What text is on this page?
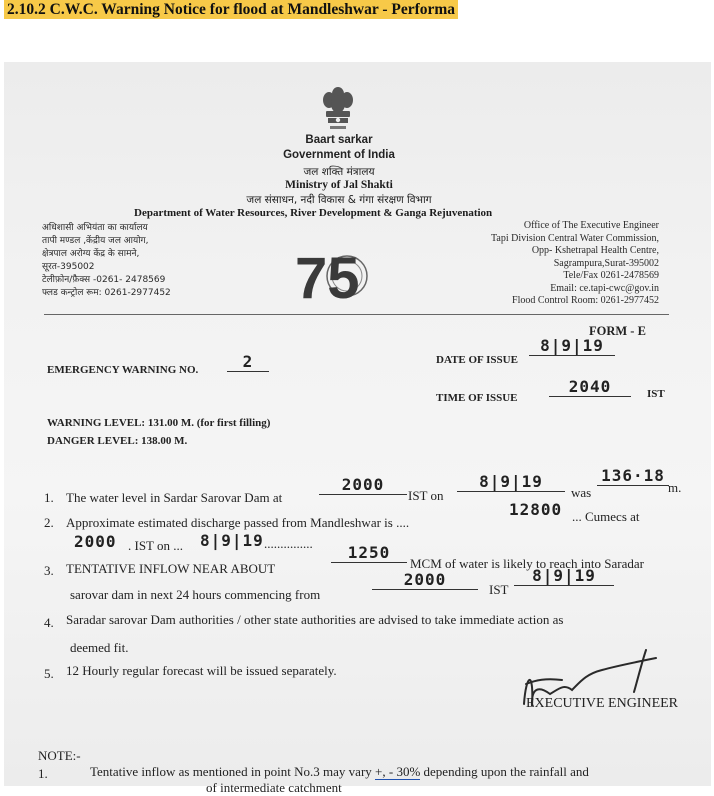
2.10.2 C.W.C. Warning Notice for flood at Mandleshwar - Performa
Baart sarkar
Government of India
जल शक्ति मंत्रालय
Ministry of Jal Shakti
जल संसाधन, नदी विकास & गंगा संरक्षण विभाग
Department of Water Resources, River Development & Ganga Rejuvenation
अधिशासी अभियंता का कार्यालय
तापी मण्डल ,केंद्रीय जल आयोग,
क्षेत्रपाल अरोग्य केंद्र के सामने,
सूरत-395002
टेलीफ़ोन/फ़ैक्स -0261- 2478569
फ्लड कन्ट्रोल रूम: 0261-2977452 75
Office of The Executive Engineer
Tapi Division Central Water Commission,
Opp- Kshetrapal Health Centre,
Sagrampura,Surat-395002
Tele/Fax 0261-2478569
Email: ce.tapi-cwc@gov.in
Flood Control Room: 0261-2977452
FORM - E
EMERGENCY WARNING NO.	2	DATE OF ISSUE
8|9|19
TIME OF ISSUE
2040	IST
WARNING LEVEL: 131.00 M. (for first filling)
DANGER LEVEL: 138.00 M.
1. The water level in Sardar Sarovar Dam at
2000
IST on
8|9|19
was
136·18
m.
2. Approximate estimated discharge passed from Mandleshwar is ....
12800 ... Cumecs at
2000 . IST on ... 8|9|19 ...............
3. TENTATIVE INFLOW NEAR ABOUT
1250
MCM of water is likely to reach into Saradar
sarovar dam in next 24 hours commencing from
2000
IST
8|9|19
4. Saradar sarovar Dam authorities / other state authorities are advised to take immediate action as
deemed fit.
5. 12 Hourly regular forecast will be issued separately.
EXECUTIVE ENGINEER
NOTE:-
1.	Tentative inflow as mentioned in point No.3 may vary +, - 30% depending upon the rainfall and
of intermediate catchment
